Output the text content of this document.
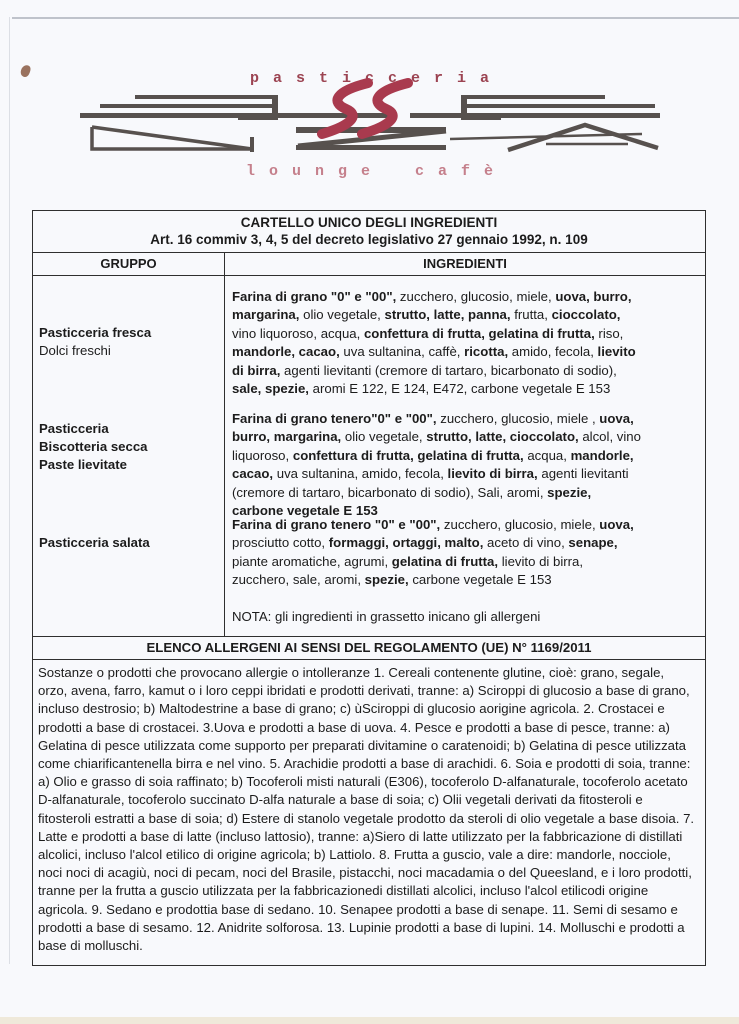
pasticceria
lounge cafè
CARTELLO UNICO DEGLI INGREDIENTI
Art. 16 commiv 3, 4, 5 del decreto legislativo 27 gennaio 1992, n. 109
GRUPPO	INGREDIENTI
Pasticceria fresca
Dolci freschi
Farina di grano "0" e "00", zucchero, glucosio, miele, uova, burro, margarina, olio vegetale, strutto, latte, panna, frutta, cioccolato, vino liquoroso, acqua, confettura di frutta, gelatina di frutta, riso, mandorle, cacao, uva sultanina, caffè, ricotta, amido, fecola, lievito di birra, agenti lievitanti (cremore di tartaro, bicarbonato di sodio), sale, spezie, aromi E 122, E 124, E472, carbone vegetale E 153
Pasticceria
Biscotteria secca
Paste lievitate
Farina di grano tenero"0" e "00", zucchero, glucosio, miele , uova, burro, margarina, olio vegetale, strutto, latte, cioccolato, alcol, vino liquoroso, confettura di frutta, gelatina di frutta, acqua, mandorle, cacao, uva sultanina, amido, fecola, lievito di birra, agenti lievitanti (cremore di tartaro, bicarbonato di sodio), Sali, aromi, spezie, carbone vegetale E 153
Pasticceria salata
Farina di grano tenero "0" e "00", zucchero, glucosio, miele, uova, prosciutto cotto, formaggi, ortaggi, malto, aceto di vino, senape, piante aromatiche, agrumi, gelatina di frutta, lievito di birra, zucchero, sale, aromi, spezie, carbone vegetale E 153
NOTA: gli ingredienti in grassetto inicano gli allergeni
ELENCO ALLERGENI AI SENSI DEL REGOLAMENTO (UE) N° 1169/2011
Sostanze o prodotti che provocano allergie o intolleranze 1. Cereali contenente glutine, cioè: grano, segale, orzo, avena, farro, kamut o i loro ceppi ibridati e prodotti derivati, tranne: a) Sciroppi di glucosio a base di grano, incluso destrosio; b) Maltodestrine a base di grano; c) ùSciroppi di glucosio aorigine agricola. 2. Crostacei e prodotti a base di crostacei. 3.Uova e prodotti a base di uova. 4. Pesce e prodotti a base di pesce, tranne: a) Gelatina di pesce utilizzata come supporto per preparati divitamine o caratenoidi; b) Gelatina di pesce utilizzata come chiarificantenella birra e nel vino. 5. Arachidie prodotti a base di arachidi. 6. Soia e prodotti di soia, tranne: a) Olio e grasso di soia raffinato; b) Tocoferoli misti naturali (E306), tocoferolo D-alfanaturale, tocoferolo acetato D-alfanaturale, tocoferolo succinato D-alfa naturale a base di soia; c) Olii vegetali derivati da fitosteroli e fitosteroli estratti a base di soia; d) Estere di stanolo vegetale prodotto da steroli di olio vegetale a base disoia. 7. Latte e prodotti a base di latte (incluso lattosio), tranne: a)Siero di latte utilizzato per la fabbricazione di distillati alcolici, incluso l'alcol etilico di origine agricola; b) Lattiolo. 8. Frutta a guscio, vale a dire: mandorle, nocciole, noci noci di acagiù, noci di pecam, noci del Brasile, pistacchi, noci macadamia o del Queesland, e i loro prodotti, tranne per la frutta a guscio utilizzata per la fabbricazionedi distillati alcolici, incluso l'alcol etilicodi origine agricola. 9. Sedano e prodottia base di sedano. 10. Senapee prodotti a base di senape. 11. Semi di sesamo e prodotti a base di sesamo. 12. Anidrite solforosa. 13. Lupinie prodotti a base di lupini. 14. Molluschi e prodotti a base di molluschi.
